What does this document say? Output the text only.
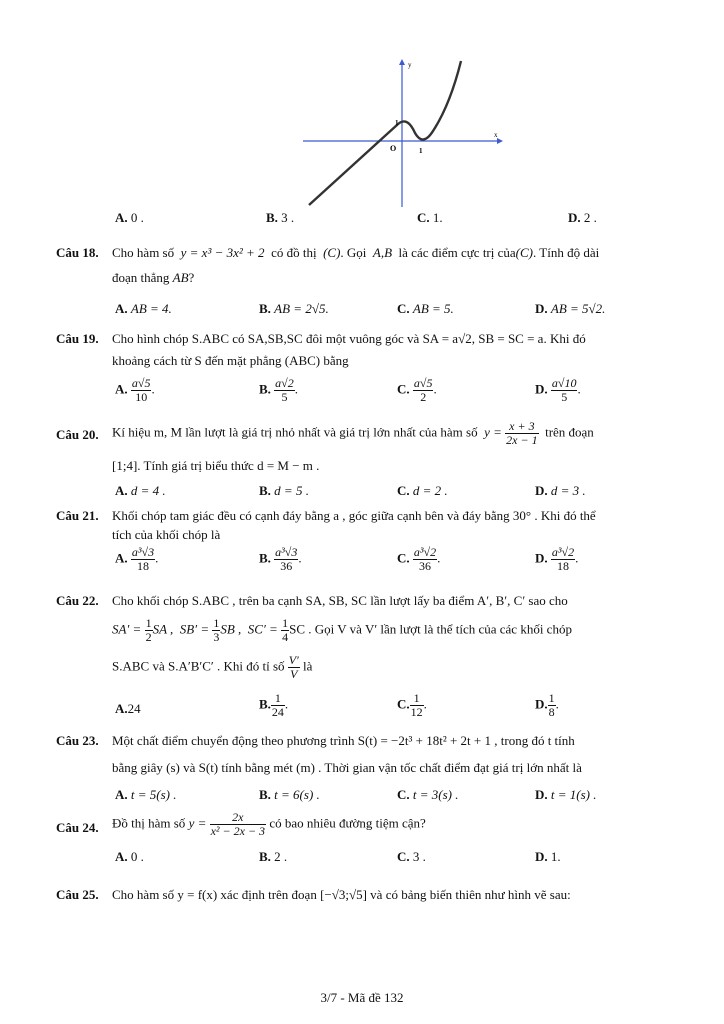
y
x
O	1
1
A. 0 .	B. 3 .	C. 1.	D. 2 .
Câu 18. Cho hàm số y = x³ − 3x² + 2 có đồ thị (C). Gọi A,B là các điểm cực trị của(C). Tính độ dài
đoạn thẳng AB?
A. AB = 4.	B. AB = 2√5.	C. AB = 5.	D. AB = 5√2.
Câu 19. Cho hình chóp S.ABC có SA,SB,SC đôi một vuông góc và SA = a√2, SB = SC = a. Khi đó
khoảng cách từ S đến mặt phẳng (ABC) bằng
A. $\frac{a√5}{10}$ .	B. $\frac{a√2}{5}$ .	C. $\frac{a√5}{2}$ .	D. $\frac{a√10}{5}$ .
Câu 20. Kí hiệu m, M lần lượt là giá trị nhỏ nhất và giá trị lớn nhất của hàm số $y = \frac{x + 3}{2x - 1}$ trên đoạn
[1;4]. Tính giá trị biểu thức d = M − m .
A. d = 4 .	B. d = 5 .	C. d = 2 .	D. d = 3 .
Câu 21. Khối chóp tam giác đều có cạnh đáy bằng a , góc giữa cạnh bên và đáy bằng 30° . Khi đó thể
tích của khối chóp là
A. $\frac{\text{a³√3}}{18}$ .	B. $\frac{\text{a³√3}}{36}$ .	C. $\frac{\text{a³√2}}{36}$ .	D. $\frac{\text{a³√2}}{18}$ .
Câu 22. Cho khối chóp S.ABC , trên ba cạnh SA, SB, SC lần lượt lấy ba điểm A′, B′, C′ sao cho
$SA' = \frac{1}{2}$ SA , $SB' = \frac{1}{3}$ SB , $SC' = \frac{1}{4}$ SC . Gọi V và V′ lần lượt là thể tích của các khối chóp
S.ABC và S.A′B′C′ . Khi đó tỉ số $\frac{V'}{V}$ là
A.24	B. $\frac{1}{24}$ .	C. $\frac{1}{12}$ .	D. $\frac{1}{8}$ .
Câu 23. Một chất điểm chuyển động theo phương trình S(t) = −2t³ + 18t² + 2t + 1 , trong đó t tính
bằng giây (s) và S(t) tính bằng mét (m) . Thời gian vận tốc chất điểm đạt giá trị lớn nhất là
A. t = 5(s) .	B. t = 6(s) .	C. t = 3(s) .	D. t = 1(s) .
Câu 24. Đồ thị hàm số $y = \frac{2x}{\text{x² − 2x − 3}}$ có bao nhiêu đường tiệm cận?
A. 0 .	B. 2 .	C. 3 .	D. 1.
Câu 25. Cho hàm số y = f(x) xác định trên đoạn [−√3;√5] và có bảng biến thiên như hình vẽ sau:
3/7 - Mã đề 132
